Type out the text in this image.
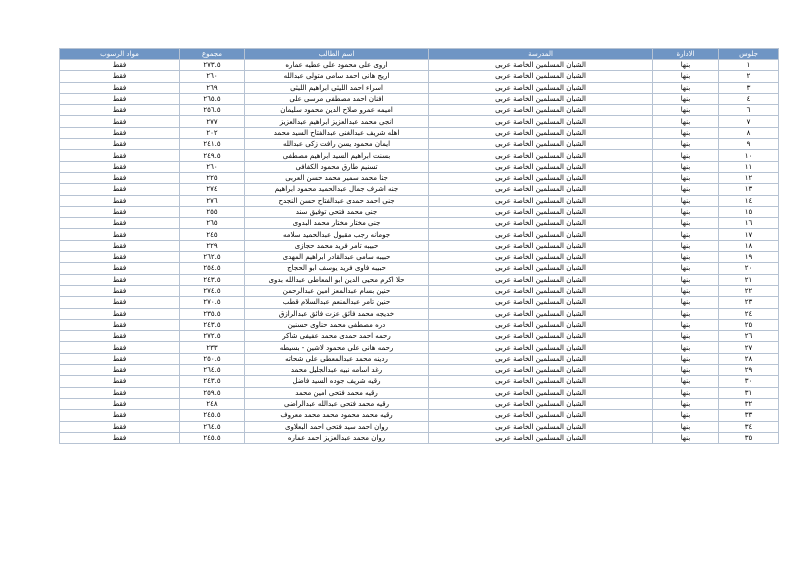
جلوس	الادارة	المدرسة	اسم الطالب	مجموع	مواد الرسوب
١	بنها	الشبان المسلمين الخاصة عربى	اروى على محمود على عطيه عماره	٢٧٣.٥	فقط
٢	بنها	الشبان المسلمين الخاصة عربى	اريج هانى احمد سامى متولى عبدالله	٢٦٠	فقط
٣	بنها	الشبان المسلمين الخاصة عربى	اسراء احمد الليثى ابراهيم الليثى	٢٦٩	فقط
٤	بنها	الشبان المسلمين الخاصة عربى	افنان احمد مصطفى مرسى على	٢٦٥.٥	فقط
٦	بنها	الشبان المسلمين الخاصة عربى	اميمه عمرو صلاح الدين محمود سليمان	٢٥٦.٥	فقط
٧	بنها	الشبان المسلمين الخاصة عربى	انجى محمد عبدالعزيز ابراهيم عبدالعزيز	٢٧٧	فقط
٨	بنها	الشبان المسلمين الخاصة عربى	اهله شريف عبدالغنى عبدالفتاح السيد محمد	٢٠٢	فقط
٩	بنها	الشبان المسلمين الخاصة عربى	ايمان محمود يسن رافت زكى عبدالله	٢٤١.٥	فقط
١٠	بنها	الشبان المسلمين الخاصة عربى	بسنت ابراهيم السيد ابراهيم مصطفى	٢٤٩.٥	فقط
١١	بنها	الشبان المسلمين الخاصة عربى	تسنيم طارق محمود الكفافى	٢٦٠	فقط
١٢	بنها	الشبان المسلمين الخاصة عربى	جنا محمد سمير محمد حسن العربى	٢٢٥	فقط
١٣	بنها	الشبان المسلمين الخاصة عربى	جنه اشرف جمال عبدالحميد محمود ابراهيم	٢٧٤	فقط
١٤	بنها	الشبان المسلمين الخاصة عربى	جنى احمد حمدى عبدالفتاح حسن النجدح	٢٧٦	فقط
١٥	بنها	الشبان المسلمين الخاصة عربى	جنى محمد فتحى توفيق سند	٢٥٥	فقط
١٦	بنها	الشبان المسلمين الخاصة عربى	جنى مختار مختار محمد البدوى	٢٦٥	فقط
١٧	بنها	الشبان المسلمين الخاصة عربى	جومانه رجب مقبول عبدالحميد سلامه	٢٤٥	فقط
١٨	بنها	الشبان المسلمين الخاصة عربى	حبيبه تامر فريد محمد حجازى	٢٢٩	فقط
١٩	بنها	الشبان المسلمين الخاصة عربى	حبيبه سامى عبدالقادر ابراهيم المهدى	٢٦٢.٥	فقط
٢٠	بنها	الشبان المسلمين الخاصة عربى	حبيبه فاوى فريد يوسف ابو الحجاج	٢٥٤.٥	فقط
٢١	بنها	الشبان المسلمين الخاصة عربى	حلا اكرم محيى الدين ابو المعاطى عبدالله بدوى	٢٤٣.٥	فقط
٢٢	بنها	الشبان المسلمين الخاصة عربى	حنين بسام عبدالمعز امين عبدالرحمن	٢٧٤.٥	فقط
٢٣	بنها	الشبان المسلمين الخاصة عربى	حنين تامر عبدالمنعم عبدالسلام قطب	٢٧٠.٥	فقط
٢٤	بنها	الشبان المسلمين الخاصة عربى	خديجه محمد فائق عزت فائق عبدالرازق	٢٣٥.٥	فقط
٢٥	بنها	الشبان المسلمين الخاصة عربى	دره مصطفى محمد حناوى حسنين	٢٤٣.٥	فقط
٢٦	بنها	الشبان المسلمين الخاصة عربى	رحمه احمد حمدى محمد عفيفى شاكر	٢٧٢.٥	فقط
٢٧	بنها	الشبان المسلمين الخاصة عربى	رحمه هانى على محمود لاشين - بسيطه	٢٣٣	فقط
٢٨	بنها	الشبان المسلمين الخاصة عربى	ردينه محمد عبدالمعطى على شحاته	٢٥٠.٥	فقط
٢٩	بنها	الشبان المسلمين الخاصة عربى	رغد اسامه نبيه عبدالجليل محمد	٢٦٤.٥	فقط
٣٠	بنها	الشبان المسلمين الخاصة عربى	رقيه شريف جوده السيد فاضل	٢٤٣.٥	فقط
٣١	بنها	الشبان المسلمين الخاصة عربى	رقيه محمد فتحى امين محمد	٢٥٩.٥	فقط
٣٢	بنها	الشبان المسلمين الخاصة عربى	رقيه محمد فتحى عبدالله عبدالراضى	٢٤٨	فقط
٣٣	بنها	الشبان المسلمين الخاصة عربى	رقيه محمد محمود محمد محمد معروف	٢٤٥.٥	فقط
٣٤	بنها	الشبان المسلمين الخاصة عربى	روان احمد سيد فتحى احمد البعلاوى	٢٦٤.٥	فقط
٣٥	بنها	الشبان المسلمين الخاصة عربى	روان محمد عبدالعزيز احمد عماره	٢٤٥.٥	فقط
